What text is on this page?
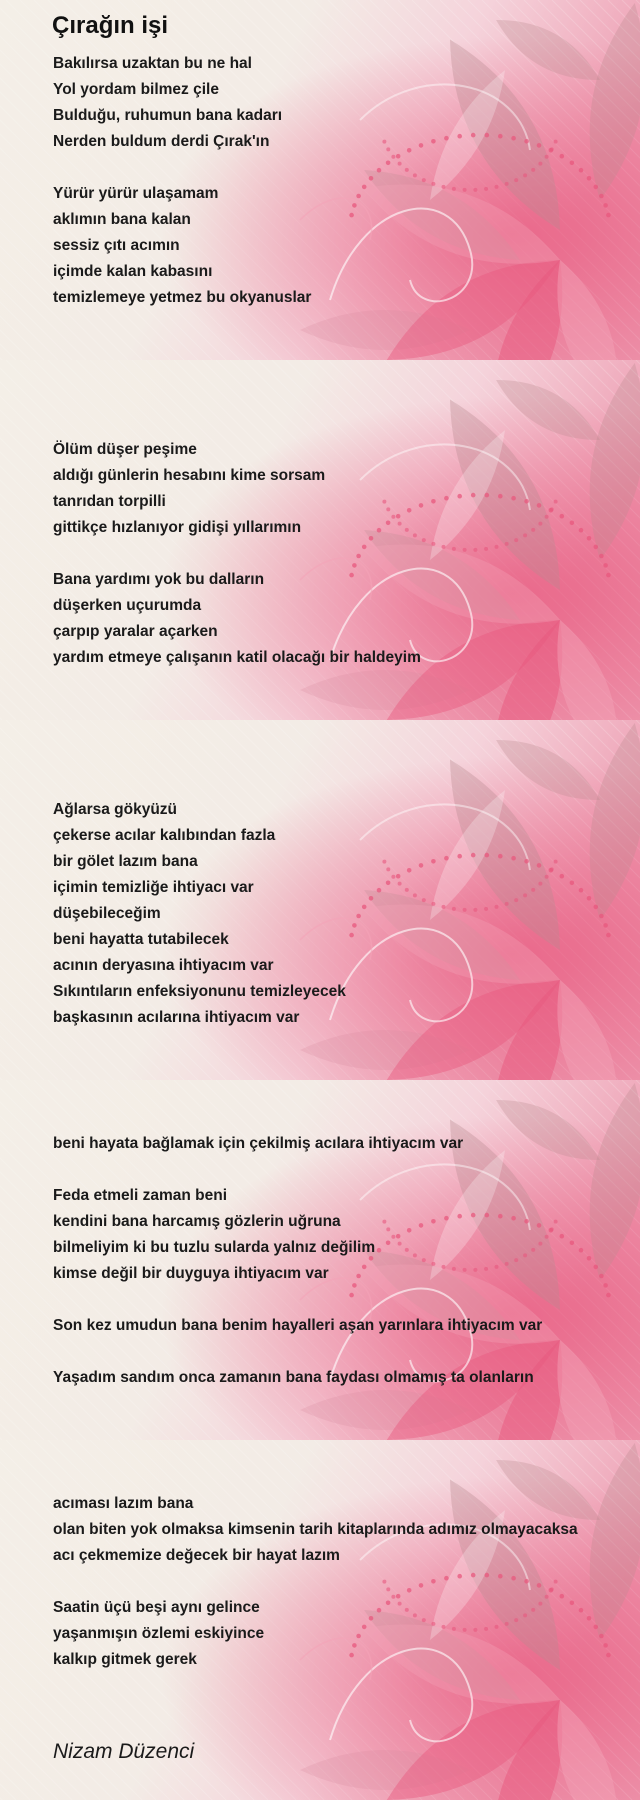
Çırağın işi
Bakılırsa uzaktan bu ne hal
Yol yordam bilmez çile
Bulduğu, ruhumun bana kadarı
Nerden buldum derdi Çırak'ın
Yürür yürür ulaşamam
aklımın bana kalan
sessiz çıtı acımın
içimde kalan kabasını
temizlemeye yetmez bu okyanuslar
Ölüm düşer peşime
aldığı günlerin hesabını kime sorsam
tanrıdan torpilli
gittikçe hızlanıyor gidişi yıllarımın
Bana yardımı yok bu dalların
düşerken uçurumda
çarpıp yaralar açarken
yardım etmeye çalışanın katil olacağı bir haldeyim
Ağlarsa gökyüzü
çekerse acılar kalıbından fazla
bir gölet lazım bana
içimin temizliğe ihtiyacı var
düşebileceğim
beni hayatta tutabilecek
acının deryasına ihtiyacım var
Sıkıntıların enfeksiyonunu temizleyecek
başkasının acılarına ihtiyacım var
beni hayata bağlamak için çekilmiş acılara ihtiyacım var
Feda etmeli zaman beni
kendini bana harcamış gözlerin uğruna
bilmeliyim ki bu tuzlu sularda yalnız değilim
kimse değil bir duyguya ihtiyacım var
Son kez umudun bana benim hayalleri aşan yarınlara ihtiyacım var
Yaşadım sandım onca zamanın bana faydası olmamış ta olanların
acıması lazım bana
olan biten yok olmaksa kimsenin tarih kitaplarında adımız olmayacaksa
acı çekmemize değecek bir hayat lazım
Saatin üçü beşi aynı gelince
yaşanmışın özlemi eskiyince
kalkıp gitmek gerek
Nizam Düzenci
